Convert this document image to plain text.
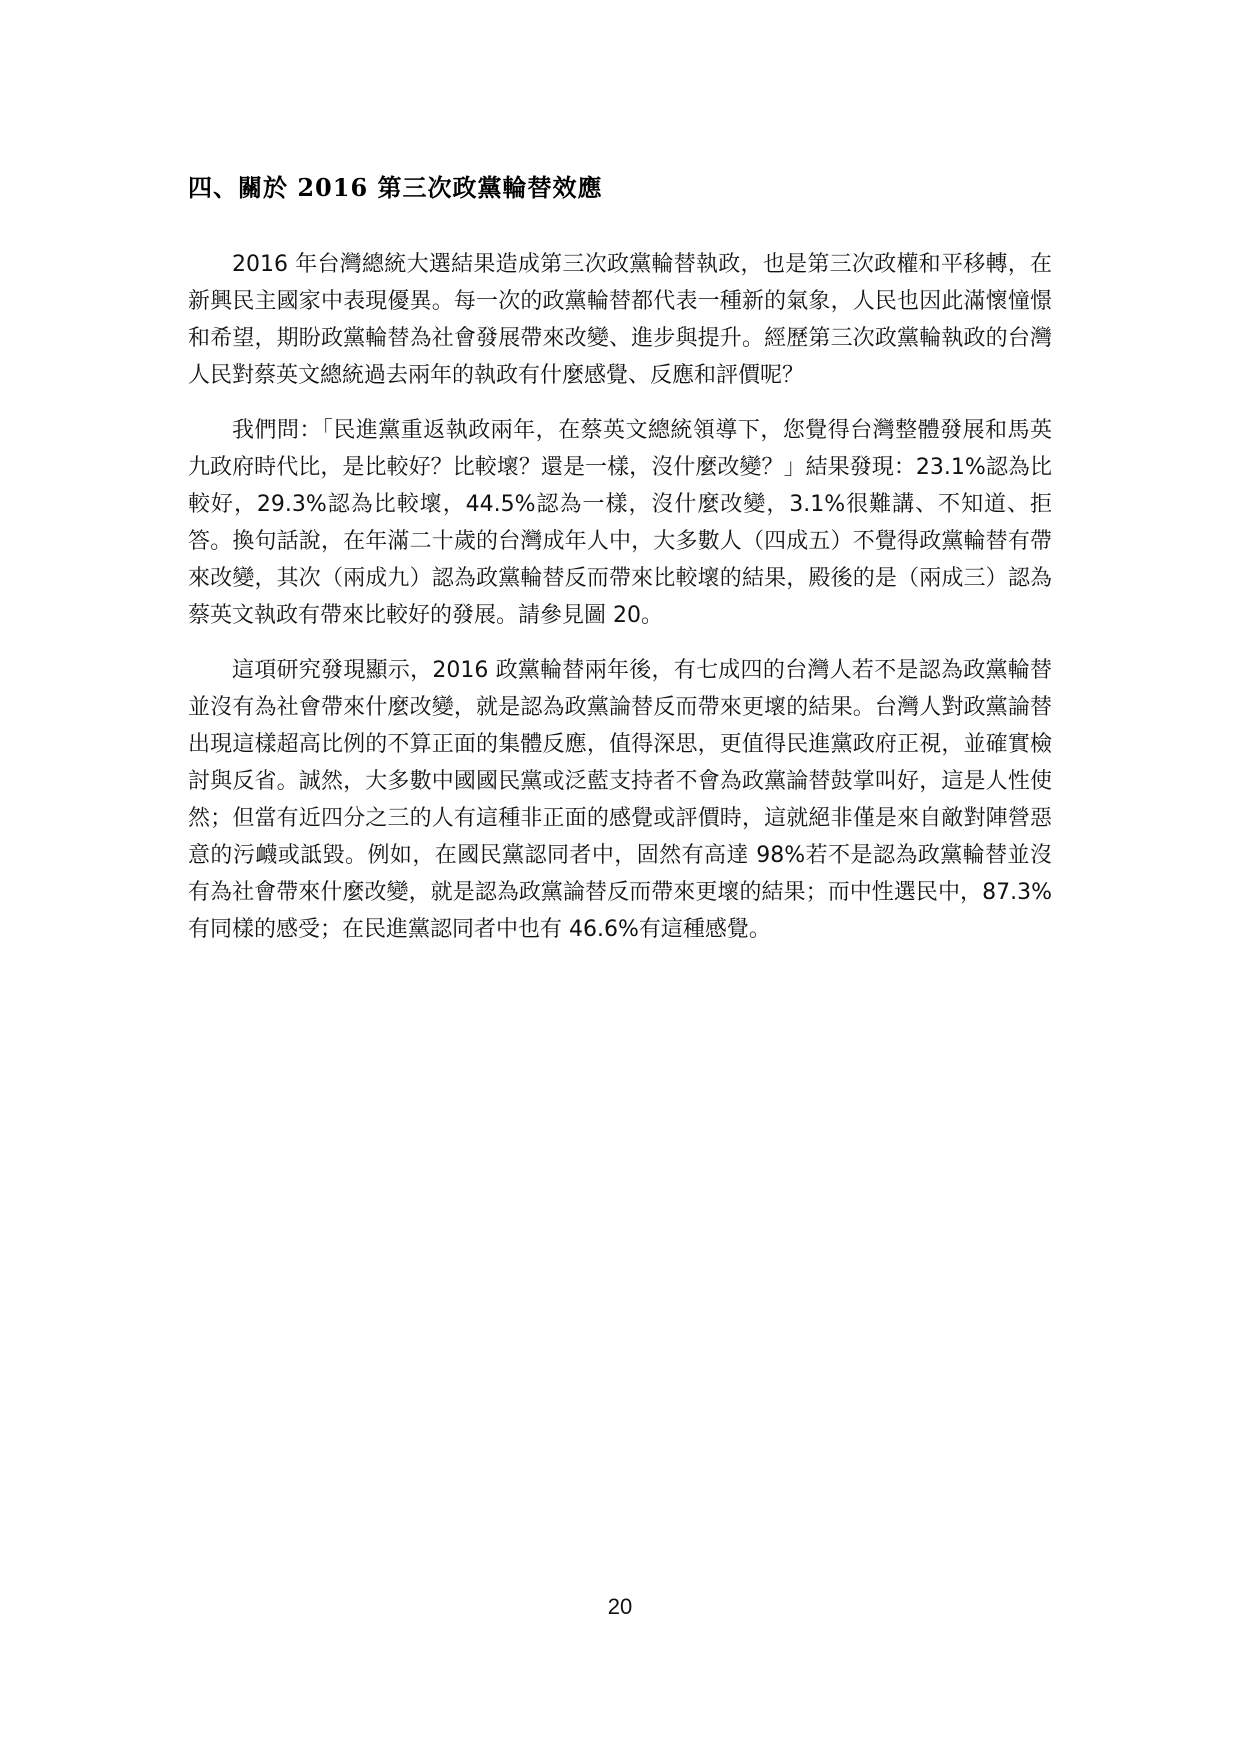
四、關於 2016 第三次政黨輪替效應

2016 年台灣總統大選結果造成第三次政黨輪替執政，也是第三次政權和平移轉，在新興民主國家中表現優異。每一次的政黨輪替都代表一種新的氣象，人民也因此滿懷憧憬和希望，期盼政黨輪替為社會發展帶來改變、進步與提升。經歷第三次政黨輪執政的台灣人民對蔡英文總統過去兩年的執政有什麼感覺、反應和評價呢？

我們問：「民進黨重返執政兩年，在蔡英文總統領導下，您覺得台灣整體發展和馬英九政府時代比，是比較好？比較壞？還是一樣，沒什麼改變？」結果發現：23.1%認為比較好，29.3%認為比較壞，44.5%認為一樣，沒什麼改變，3.1%很難講、不知道、拒答。換句話說，在年滿二十歲的台灣成年人中，大多數人（四成五）不覺得政黨輪替有帶來改變，其次（兩成九）認為政黨輪替反而帶來比較壞的結果，殿後的是（兩成三）認為蔡英文執政有帶來比較好的發展。請參見圖 20。

這項研究發現顯示，2016 政黨輪替兩年後，有七成四的台灣人若不是認為政黨輪替並沒有為社會帶來什麼改變，就是認為政黨論替反而帶來更壞的結果。台灣人對政黨論替出現這樣超高比例的不算正面的集體反應，值得深思，更值得民進黨政府正視，並確實檢討與反省。誠然，大多數中國國民黨或泛藍支持者不會為政黨論替鼓掌叫好，這是人性使然；但當有近四分之三的人有這種非正面的感覺或評價時，這就絕非僅是來自敵對陣營惡意的污衊或詆毀。例如，在國民黨認同者中，固然有高達 98%若不是認為政黨輪替並沒有為社會帶來什麼改變，就是認為政黨論替反而帶來更壞的結果；而中性選民中，87.3%有同樣的感受；在民進黨認同者中也有 46.6%有這種感覺。

20
